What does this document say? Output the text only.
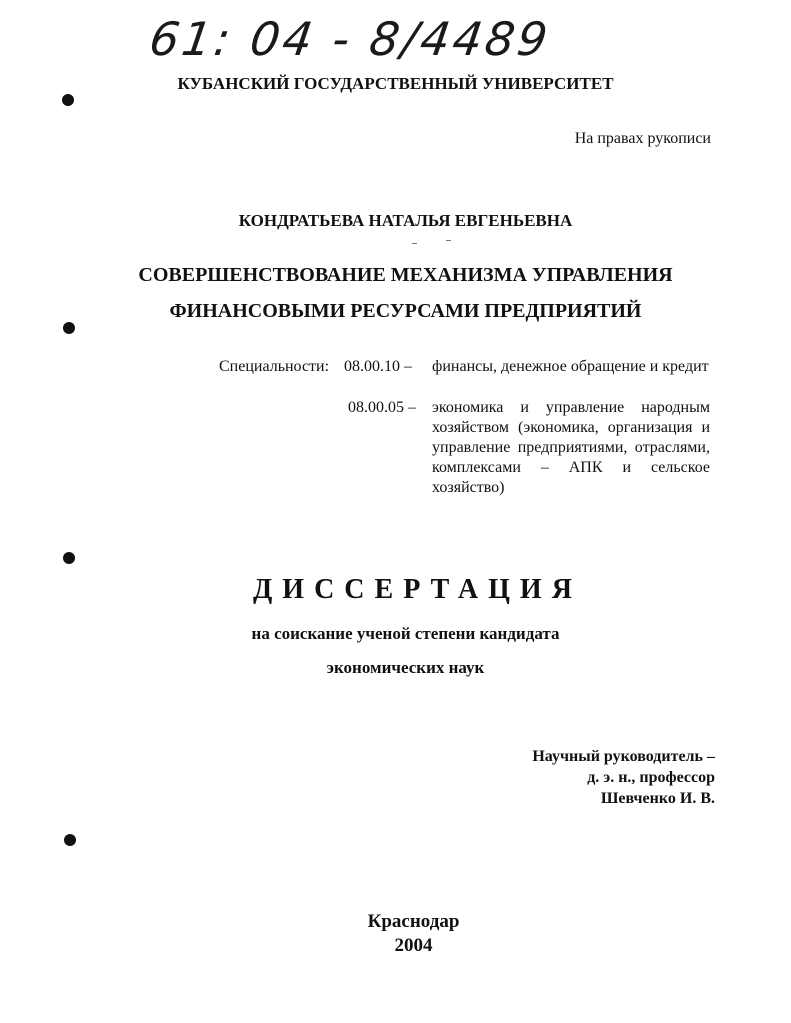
61: 04 - 8/4489
КУБАНСКИЙ ГОСУДАРСТВЕННЫЙ УНИВЕРСИТЕТ
На правах рукописи
КОНДРАТЬЕВА НАТАЛЬЯ ЕВГЕНЬЕВНА
СОВЕРШЕНСТВОВАНИЕ МЕХАНИЗМА УПРАВЛЕНИЯ
ФИНАНСОВЫМИ РЕСУРСАМИ ПРЕДПРИЯТИЙ
Специальности: 08.00.10 – финансы, денежное обращение и кредит
08.00.05 – экономика и управление народным хозяйством (экономика, организация и управление предприятиями, отраслями, комплексами – АПК и сельское хозяйство)
ДИССЕРТАЦИЯ
на соискание ученой степени кандидата
экономических наук
Научный руководитель –
д. э. н., профессор
Шевченко И. В.
Краснодар
2004
